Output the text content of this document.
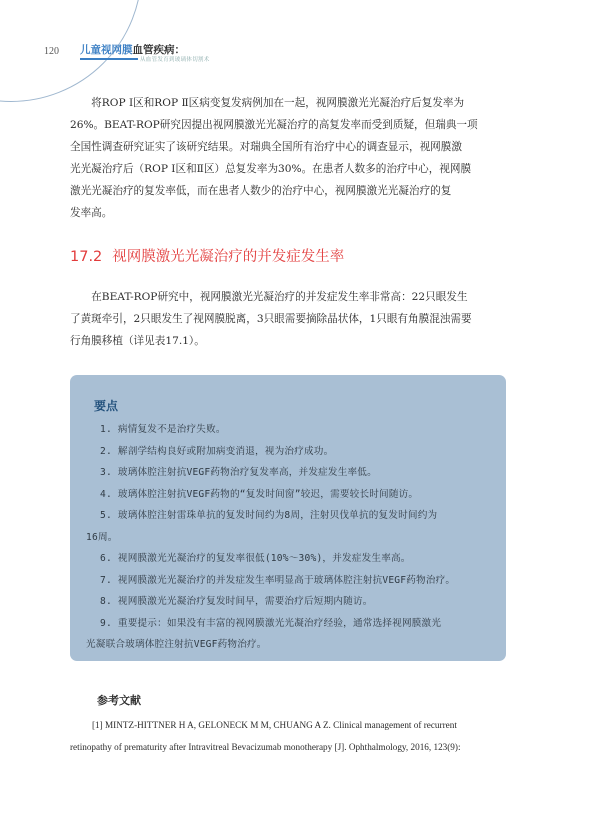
120 儿童视网膜血管疾病：
从血管发育到玻璃体切割术
　　将ROP Ⅰ区和ROP Ⅱ区病变复发病例加在一起，视网膜激光光凝治疗后复发率为
26%。BEAT-ROP研究因提出视网膜激光光凝治疗的高复发率而受到质疑，但瑞典一项
全国性调查研究证实了该研究结果。对瑞典全国所有治疗中心的调查显示，视网膜激
光光凝治疗后（ROP Ⅰ区和Ⅱ区）总复发率为30%。在患者人数多的治疗中心，视网膜
激光光凝治疗的复发率低，而在患者人数少的治疗中心，视网膜激光光凝治疗的复
发率高。
17.2 视网膜激光光凝治疗的并发症发生率
　　在BEAT-ROP研究中，视网膜激光光凝治疗的并发症发生率非常高：22只眼发生
了黄斑牵引，2只眼发生了视网膜脱离，3只眼需要摘除晶状体，1只眼有角膜混浊需要
行角膜移植（详见表17.1）。
要点
1. 病情复发不是治疗失败。
2. 解剖学结构良好或附加病变消退，视为治疗成功。
3. 玻璃体腔注射抗VEGF药物治疗复发率高，并发症发生率低。
4. 玻璃体腔注射抗VEGF药物的“复发时间窗”较迟，需要较长时间随访。
5. 玻璃体腔注射雷珠单抗的复发时间约为8周，注射贝伐单抗的复发时间约为
16周。
6. 视网膜激光光凝治疗的复发率很低(10%～30%)，并发症发生率高。
7. 视网膜激光光凝治疗的并发症发生率明显高于玻璃体腔注射抗VEGF药物治疗。
8. 视网膜激光光凝治疗复发时间早，需要治疗后短期内随访。
9. 重要提示：如果没有丰富的视网膜激光光凝治疗经验，通常选择视网膜激光
光凝联合玻璃体腔注射抗VEGF药物治疗。
参考文献
[1] MINTZ-HITTNER H A, GELONECK M M, CHUANG A Z. Clinical management of recurrent
retinopathy of prematurity after Intravitreal Bevacizumab monotherapy [J]. Ophthalmology, 2016, 123(9):
